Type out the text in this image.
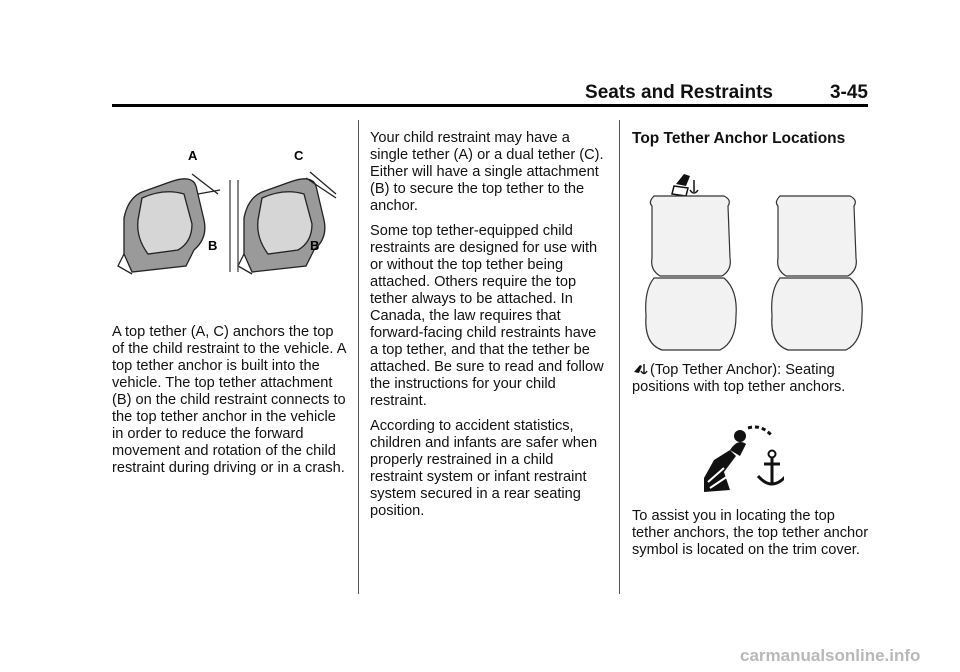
Seats and Restraints	3-45
A
B
C
B

A top tether (A, C) anchors the top of the child restraint to the vehicle. A top tether anchor is built into the vehicle. The top tether attachment (B) on the child restraint connects to the top tether anchor in the vehicle in order to reduce the forward movement and rotation of the child restraint during driving or in a crash.

Your child restraint may have a single tether (A) or a dual tether (C). Either will have a single attachment (B) to secure the top tether to the anchor.

Some top tether-equipped child restraints are designed for use with or without the top tether being attached. Others require the top tether always to be attached. In Canada, the law requires that forward-facing child restraints have a top tether, and that the tether be attached. Be sure to read and follow the instructions for your child restraint.

According to accident statistics, children and infants are safer when properly restrained in a child restraint system or infant restraint system secured in a rear seating position.

Top Tether Anchor Locations
(Top Tether Anchor): Seating positions with top tether anchors.
To assist you in locating the top tether anchors, the top tether anchor symbol is located on the trim cover.
carmanualsonline.info
